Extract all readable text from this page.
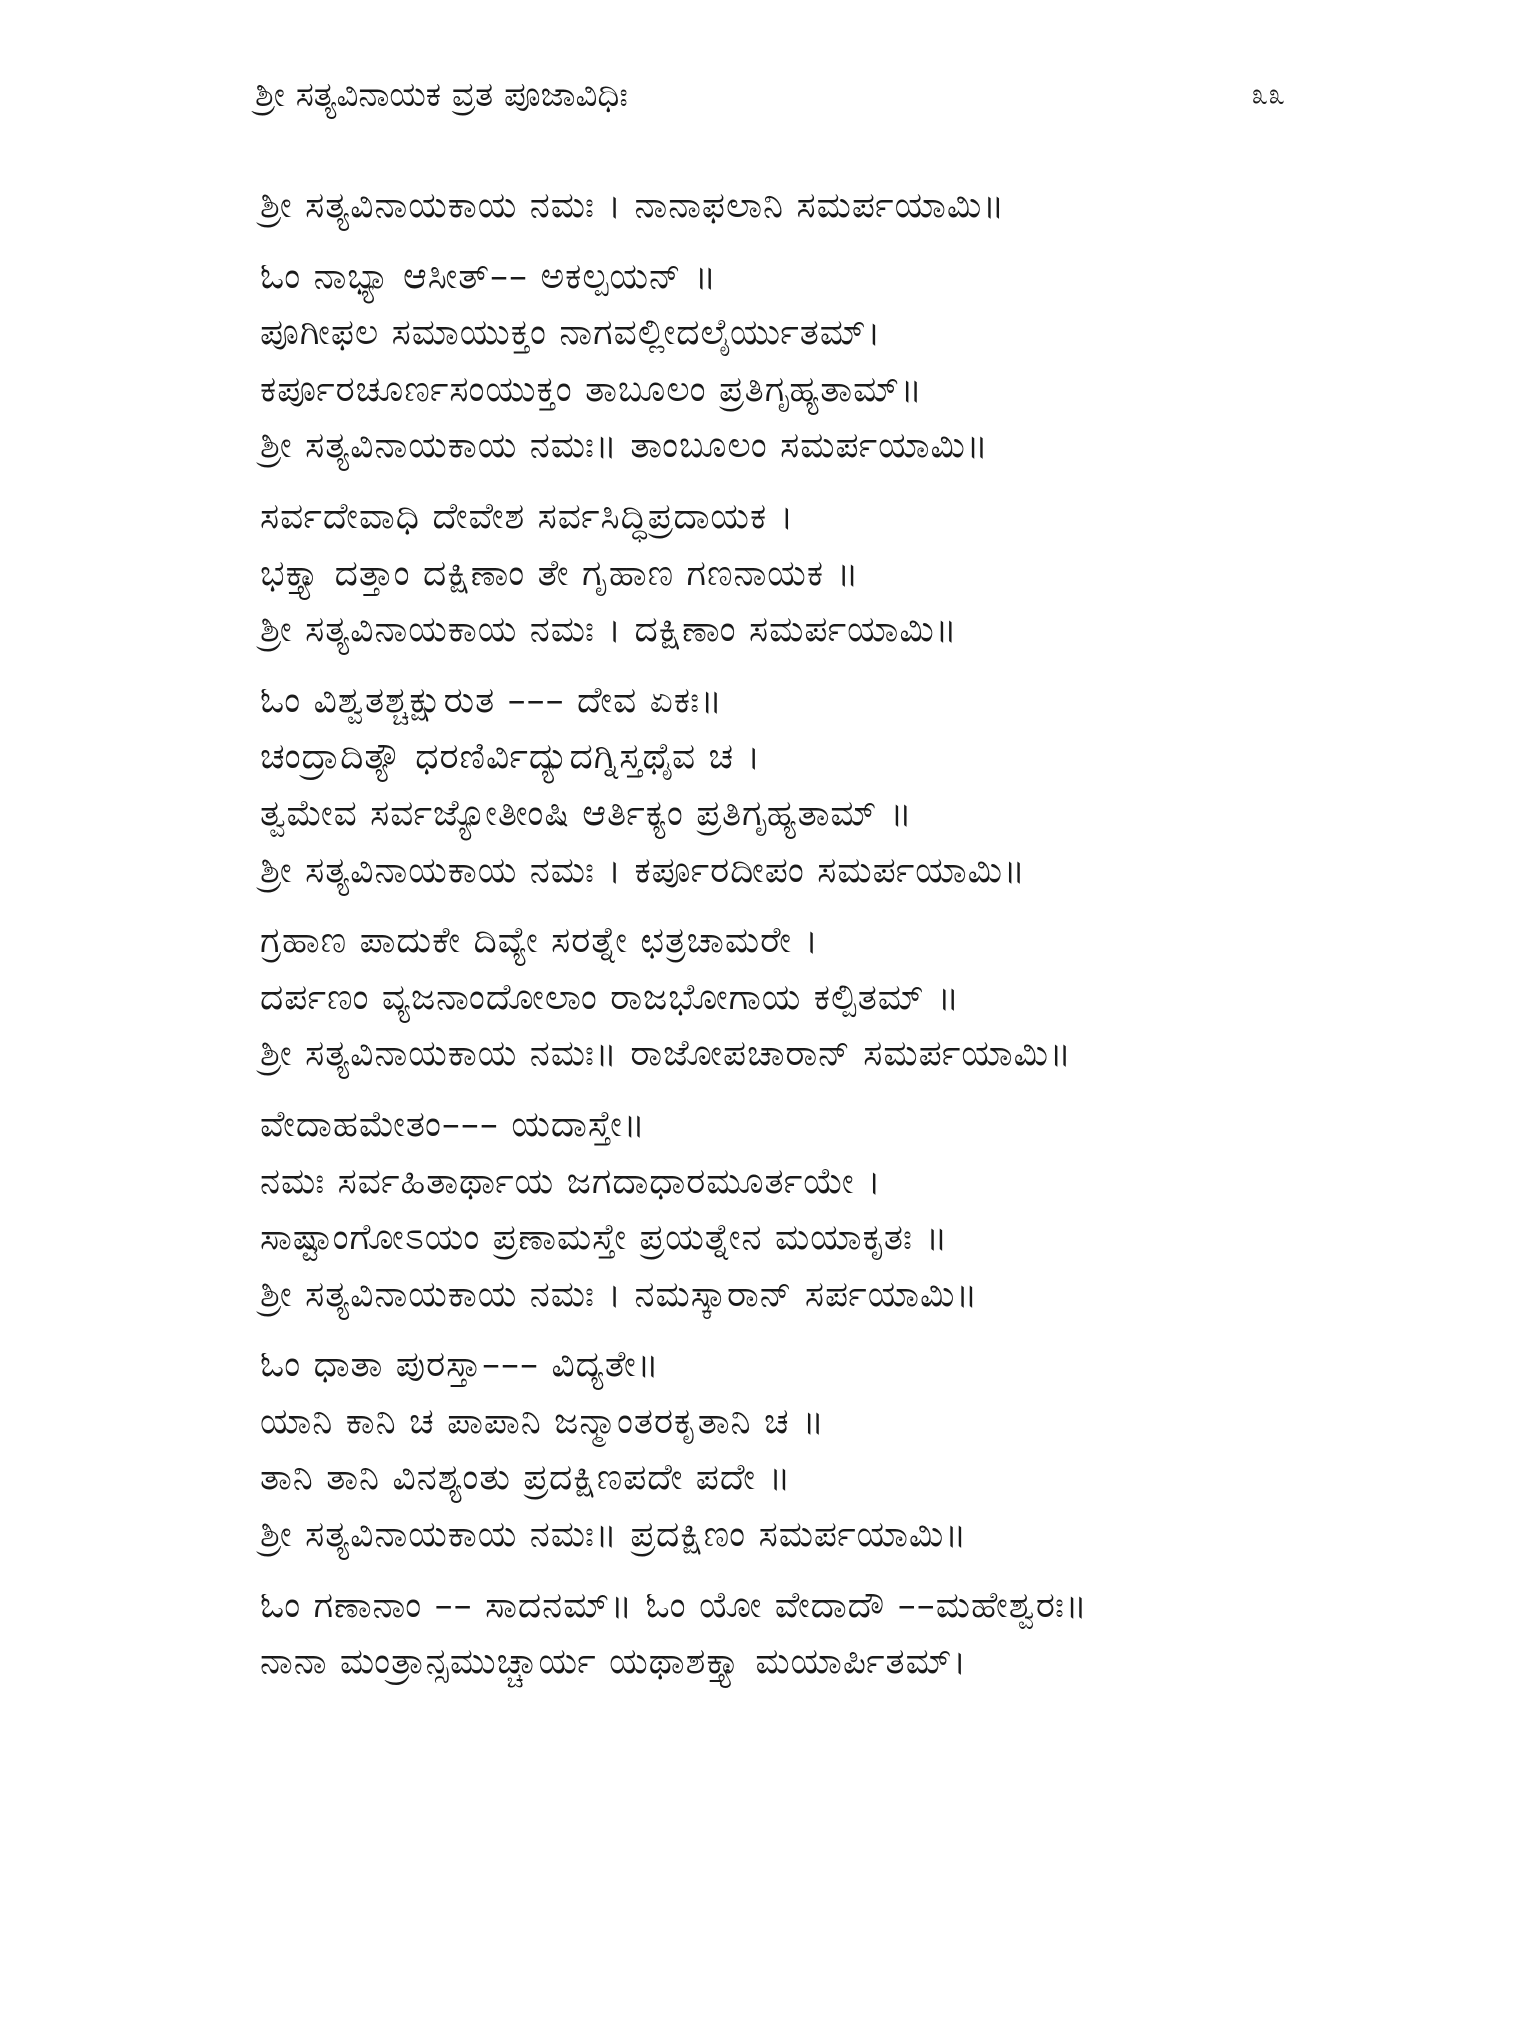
ಶ್ರೀ ಸತ್ಯವಿನಾಯಕ ವ್ರತ ಪೂಜಾವಿಧಿಃ	೩೩
ಶ್ರೀ ಸತ್ಯವಿನಾಯಕಾಯ ನಮಃ । ನಾನಾಫಲಾನಿ ಸಮರ್ಪಯಾಮಿ॥
ಓಂ ನಾಭ್ಯಾ ಆಸೀತ್–– ಅಕಲ್ಪಯನ್ ॥
ಪೂಗೀಫಲ ಸಮಾಯುಕ್ತಂ ನಾಗವಲ್ಲೀದಲೈರ್ಯುತಮ್।
ಕರ್ಪೂರಚೂರ್ಣಸಂಯುಕ್ತಂ ತಾಬೂಲಂ ಪ್ರತಿಗೃಹ್ಯತಾಮ್॥
ಶ್ರೀ ಸತ್ಯವಿನಾಯಕಾಯ ನಮಃ॥ ತಾಂಬೂಲಂ ಸಮರ್ಪಯಾಮಿ॥
ಸರ್ವದೇವಾಧಿ ದೇವೇಶ ಸರ್ವಸಿದ್ಧಿಪ್ರದಾಯಕ ।
ಭಕ್ತ್ಯಾ ದತ್ತಾಂ ದಕ್ಷಿಣಾಂ ತೇ ಗೃಹಾಣ ಗಣನಾಯಕ ॥
ಶ್ರೀ ಸತ್ಯವಿನಾಯಕಾಯ ನಮಃ । ದಕ್ಷಿಣಾಂ ಸಮರ್ಪಯಾಮಿ॥
ಓಂ ವಿಶ್ವತಶ್ಚಕ್ಷುರುತ ––– ದೇವ ಏಕಃ॥
ಚಂದ್ರಾದಿತ್ಯೌ ಧರಣಿರ್ವಿದ್ಯುದಗ್ನಿಸ್ತಥೈವ ಚ ।
ತ್ವಮೇವ ಸರ್ವಜ್ಯೋತೀಂಷಿ ಆರ್ತಿಕ್ಯಂ ಪ್ರತಿಗೃಹ್ಯತಾಮ್ ॥
ಶ್ರೀ ಸತ್ಯವಿನಾಯಕಾಯ ನಮಃ । ಕರ್ಪೂರದೀಪಂ ಸಮರ್ಪಯಾಮಿ॥
ಗ್ರಹಾಣ ಪಾದುಕೇ ದಿವ್ಯೇ ಸರತ್ನೇ ಛತ್ರಚಾಮರೇ ।
ದರ್ಪಣಂ ವ್ಯಜನಾಂದೋಲಾಂ ರಾಜಭೋಗಾಯ ಕಲ್ಪಿತಮ್ ॥
ಶ್ರೀ ಸತ್ಯವಿನಾಯಕಾಯ ನಮಃ॥ ರಾಜೋಪಚಾರಾನ್ ಸಮರ್ಪಯಾಮಿ॥
ವೇದಾಹಮೇತಂ––– ಯದಾಸ್ತೇ॥
ನಮಃ ಸರ್ವಹಿತಾರ್ಥಾಯ ಜಗದಾಧಾರಮೂರ್ತಯೇ ।
ಸಾಷ್ಟಾಂಗೋಽಯಂ ಪ್ರಣಾಮಸ್ತೇ ಪ್ರಯತ್ನೇನ ಮಯಾಕೃತಃ ॥
ಶ್ರೀ ಸತ್ಯವಿನಾಯಕಾಯ ನಮಃ । ನಮಸ್ಕಾರಾನ್ ಸರ್ಪಯಾಮಿ॥
ಓಂ ಧಾತಾ ಪುರಸ್ತಾ––– ವಿದ್ಯತೇ॥
ಯಾನಿ ಕಾನಿ ಚ ಪಾಪಾನಿ ಜನ್ಮಾಂತರಕೃತಾನಿ ಚ ॥
ತಾನಿ ತಾನಿ ವಿನಶ್ಯಂತು ಪ್ರದಕ್ಷಿಣಪದೇ ಪದೇ ॥
ಶ್ರೀ ಸತ್ಯವಿನಾಯಕಾಯ ನಮಃ॥ ಪ್ರದಕ್ಷಿಣಂ ಸಮರ್ಪಯಾಮಿ॥
ಓಂ ಗಣಾನಾಂ –– ಸಾದನಮ್॥ ಓಂ ಯೋ ವೇದಾದೌ ––ಮಹೇಶ್ವರಃ॥
ನಾನಾ ಮಂತ್ರಾನ್ಸಮುಚ್ಚಾರ್ಯ ಯಥಾಶಕ್ತ್ಯಾ ಮಯಾರ್ಪಿತಮ್।
